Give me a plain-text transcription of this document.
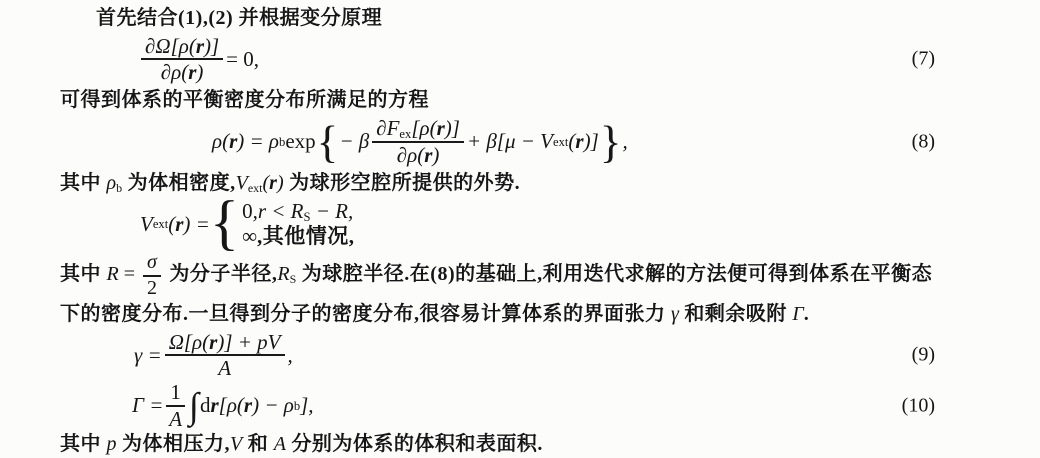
首先结合(1),(2) 并根据变分原理

$\frac{\partial\Omega[\rho(r)]}{\partial\rho(r)} = 0$,	(7)

可得到体系的平衡密度分布所满足的方程

ρ( r ) = ρ b exp { − β $\frac{\partial F_{ex}[\rho(r)]}{\partial\rho(r)} + \beta[\mu - V$ ext ( r )] } ,	(8)

其中 $\rho_b$ 为体相密度$,V_{ext}(r)$ 为球形空腔所提供的外势.

V ext ( r ) = { $0,r < R_S - R$,
∞,其他情况,

其中 $R = \frac{\sigma}{2}$ 为分子半径$,R_S$ 为球腔半径.在(8)的基础上,利用迭代求解的方法便可得到体系在平衡态下的密度分布.一旦得到分子的密度分布,很容易计算体系的界面张力 γ 和剩余吸附 Γ.

$\gamma = \frac{\Omega[\rho(r)] + pV}{A}$ ,	(9)
$\Gamma = \frac{1}{A}$ ∫ d r [ρ( r ) − ρ b ],	(10)

其中 p 为体相压力,V 和 A 分别为体系的体积和表面积.
